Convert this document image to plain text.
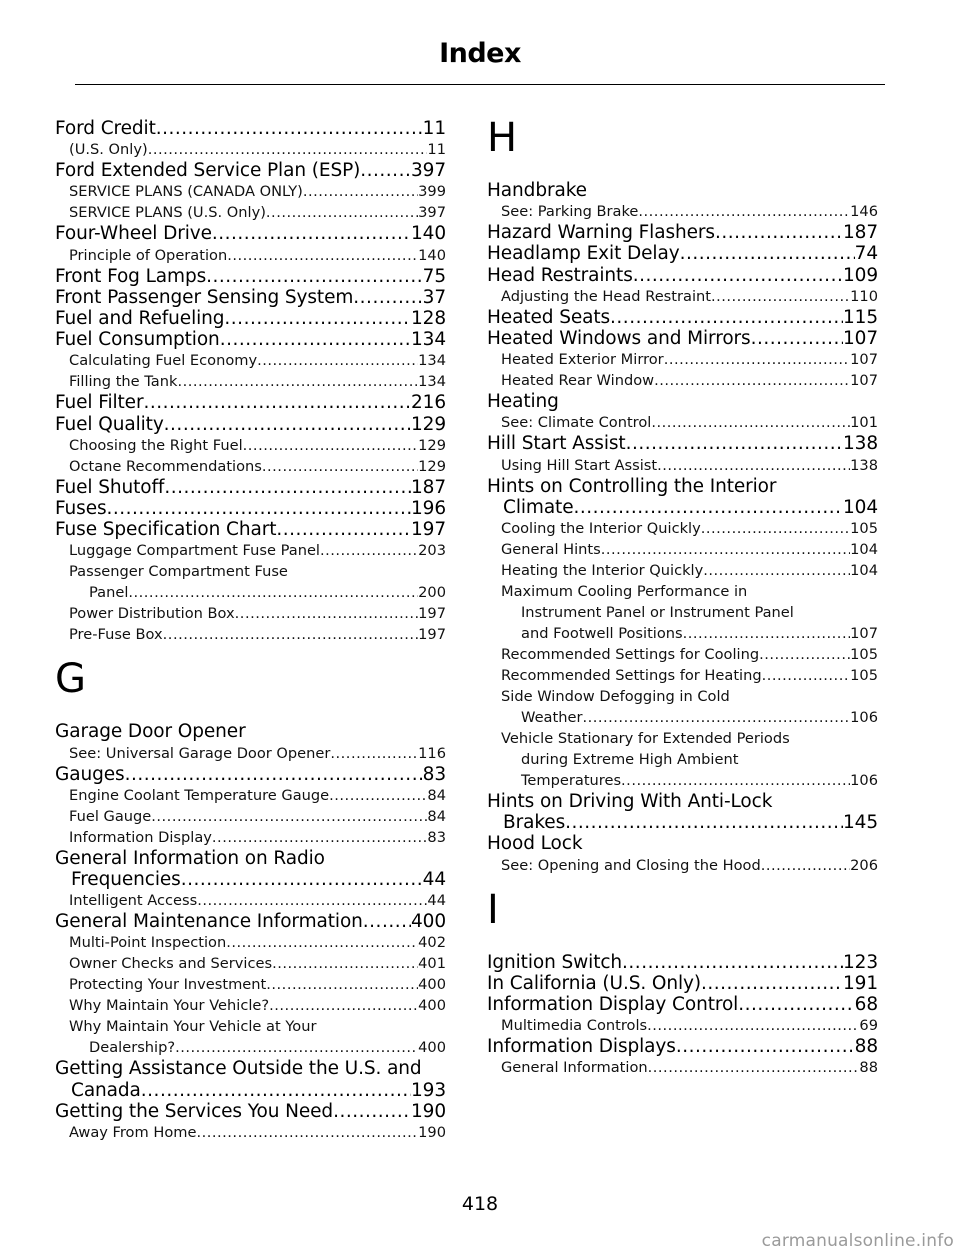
Index
Ford Credit .....	11
(U.S. Only) .....	11
Ford Extended Service Plan (ESP) .....	397
SERVICE PLANS (CANADA ONLY) .....	399
SERVICE PLANS (U.S. Only) .....	397
Four-Wheel Drive .....	140
Principle of Operation .....	140
Front Fog Lamps .....	75
Front Passenger Sensing System .....	37
Fuel and Refueling .....	128
Fuel Consumption .....	134
Calculating Fuel Economy .....	134
Filling the Tank .....	134
Fuel Filter .....	216
Fuel Quality .....	129
Choosing the Right Fuel .....	129
Octane Recommendations .....	129
Fuel Shutoff .....	187
Fuses .....	196
Fuse Specification Chart .....	197
Luggage Compartment Fuse Panel .....	203
Passenger Compartment Fuse
Panel .....	200
Power Distribution Box .....	197
Pre-Fuse Box .....	197
G
Garage Door Opener
See: Universal Garage Door Opener .....	116
Gauges .....	83
Engine Coolant Temperature Gauge .....	84
Fuel Gauge .....	84
Information Display .....	83
General Information on Radio
Frequencies .....	44
Intelligent Access .....	44
General Maintenance Information .....	400
Multi-Point Inspection .....	402
Owner Checks and Services .....	401
Protecting Your Investment .....	400
Why Maintain Your Vehicle? .....	400
Why Maintain Your Vehicle at Your
Dealership? .....	400
Getting Assistance Outside the U.S. and
Canada .....	193
Getting the Services You Need .....	190
Away From Home .....	190
H
Handbrake
See: Parking Brake .....	146
Hazard Warning Flashers .....	187
Headlamp Exit Delay .....	74
Head Restraints .....	109
Adjusting the Head Restraint .....	110
Heated Seats .....	115
Heated Windows and Mirrors .....	107
Heated Exterior Mirror .....	107
Heated Rear Window .....	107
Heating
See: Climate Control .....	101
Hill Start Assist .....	138
Using Hill Start Assist .....	138
Hints on Controlling the Interior
Climate .....	104
Cooling the Interior Quickly .....	105
General Hints .....	104
Heating the Interior Quickly .....	104
Maximum Cooling Performance in
Instrument Panel or Instrument Panel
and Footwell Positions .....	107
Recommended Settings for Cooling .....	105
Recommended Settings for Heating .....	105
Side Window Defogging in Cold
Weather .....	106
Vehicle Stationary for Extended Periods
during Extreme High Ambient
Temperatures .....	106
Hints on Driving With Anti-Lock
Brakes .....	145
Hood Lock
See: Opening and Closing the Hood .....	206
I
Ignition Switch .....	123
In California (U.S. Only) .....	191
Information Display Control .....	68
Multimedia Controls .....	69
Information Displays .....	88
General Information .....	88
418
carmanualsonline.info
